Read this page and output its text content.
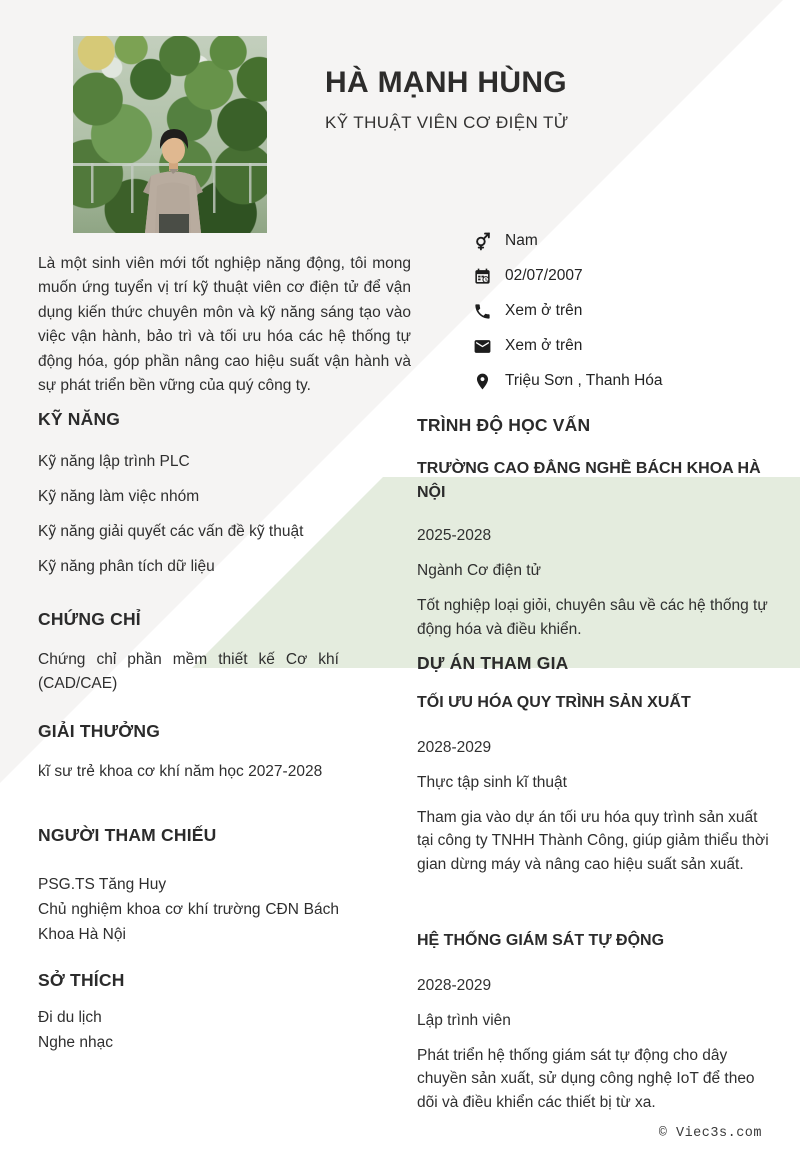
HÀ MẠNH HÙNG
KỸ THUẬT VIÊN CƠ ĐIỆN TỬ
Nam
02/07/2007
Xem ở trên
Xem ở trên
Triệu Sơn , Thanh Hóa
Là một sinh viên mới tốt nghiệp năng động, tôi mong muốn ứng tuyển vị trí kỹ thuật viên cơ điện tử để vận dụng kiến thức chuyên môn và kỹ năng sáng tạo vào việc vận hành, bảo trì và tối ưu hóa các hệ thống tự động hóa, góp phần nâng cao hiệu suất vận hành và sự phát triển bền vững của quý công ty.
KỸ NĂNG
Kỹ năng lập trình PLC
Kỹ năng làm việc nhóm
Kỹ năng giải quyết các vấn đề kỹ thuật
Kỹ năng phân tích dữ liệu
CHỨNG CHỈ
Chứng chỉ phần mềm thiết kế Cơ khí (CAD/CAE)
GIẢI THƯỞNG
kĩ sư trẻ khoa cơ khí năm học 2027-2028
NGƯỜI THAM CHIẾU
PSG.TS Tăng Huy
Chủ nghiệm khoa cơ khí trường CĐN Bách Khoa Hà Nội
SỞ THÍCH
Đi du lịch
Nghe nhạc
TRÌNH ĐỘ HỌC VẤN
TRƯỜNG CAO ĐẲNG NGHỀ BÁCH KHOA HÀ NỘI
2025-2028
Ngành Cơ điện tử
Tốt nghiệp loại giỏi, chuyên sâu về các hệ thống tự động hóa và điều khiển.
DỰ ÁN THAM GIA
TỐI ƯU HÓA QUY TRÌNH SẢN XUẤT
2028-2029
Thực tập sinh kĩ thuật
Tham gia vào dự án tối ưu hóa quy trình sản xuất tại công ty TNHH Thành Công, giúp giảm thiểu thời gian dừng máy và nâng cao hiệu suất sản xuất.
HỆ THỐNG GIÁM SÁT TỰ ĐỘNG
2028-2029
Lập trình viên
Phát triển hệ thống giám sát tự động cho dây chuyền sản xuất, sử dụng công nghệ IoT để theo dõi và điều khiển các thiết bị từ xa.
© Viec3s.com
